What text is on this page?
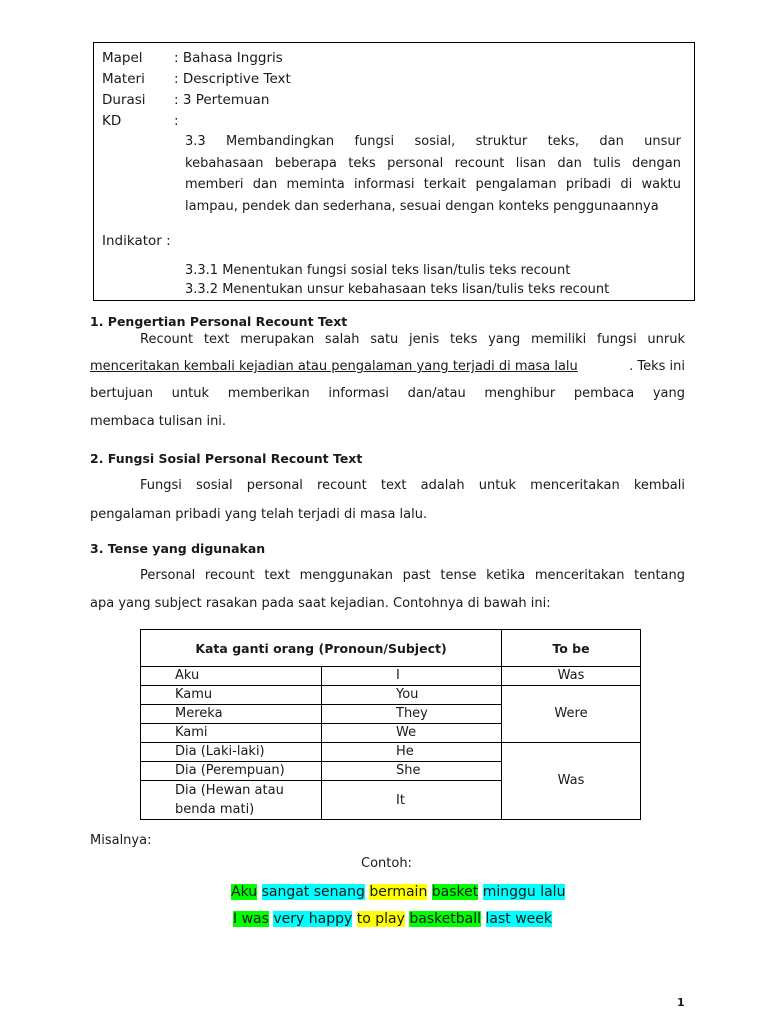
Mapel : Bahasa Inggris
Materi : Descriptive Text
Durasi : 3 Pertemuan
KD	:
3.3 Membandingkan fungsi sosial, struktur teks, dan unsur
kebahasaan beberapa teks personal recount lisan dan tulis dengan
memberi dan meminta informasi terkait pengalaman pribadi di waktu
lampau, pendek dan sederhana, sesuai dengan konteks penggunaannya
Indikator :
3.3.1 Menentukan fungsi sosial teks lisan/tulis teks recount
3.3.2 Menentukan unsur kebahasaan teks lisan/tulis teks recount
1. Pengertian Personal Recount Text
Recount text merupakan salah satu jenis teks yang memiliki fungsi unruk
menceritakan kembali kejadian atau pengalaman yang terjadi di masa lalu	. Teks ini
bertujuan untuk memberikan informasi dan/atau menghibur pembaca yang
membaca tulisan ini.
2. Fungsi Sosial Personal Recount Text
Fungsi sosial personal recount text adalah untuk menceritakan kembali
pengalaman pribadi yang telah terjadi di masa lalu.
3. Tense yang digunakan
Personal recount text menggunakan past tense ketika menceritakan tentang
apa yang subject rasakan pada saat kejadian. Contohnya di bawah ini:
Kata ganti orang (Pronoun/Subject)		To be
Aku	I	Was
Kamu	You	Were
Mereka	They	
Kami	We	
Dia (Laki-laki)	He	Was
Dia (Perempuan)	She	
Dia (Hewan atau
benda mati)	It	
Misalnya:
Contoh:
Aku sangat senang bermain basket minggu lalu
I was very happy to play basketball last week
1
